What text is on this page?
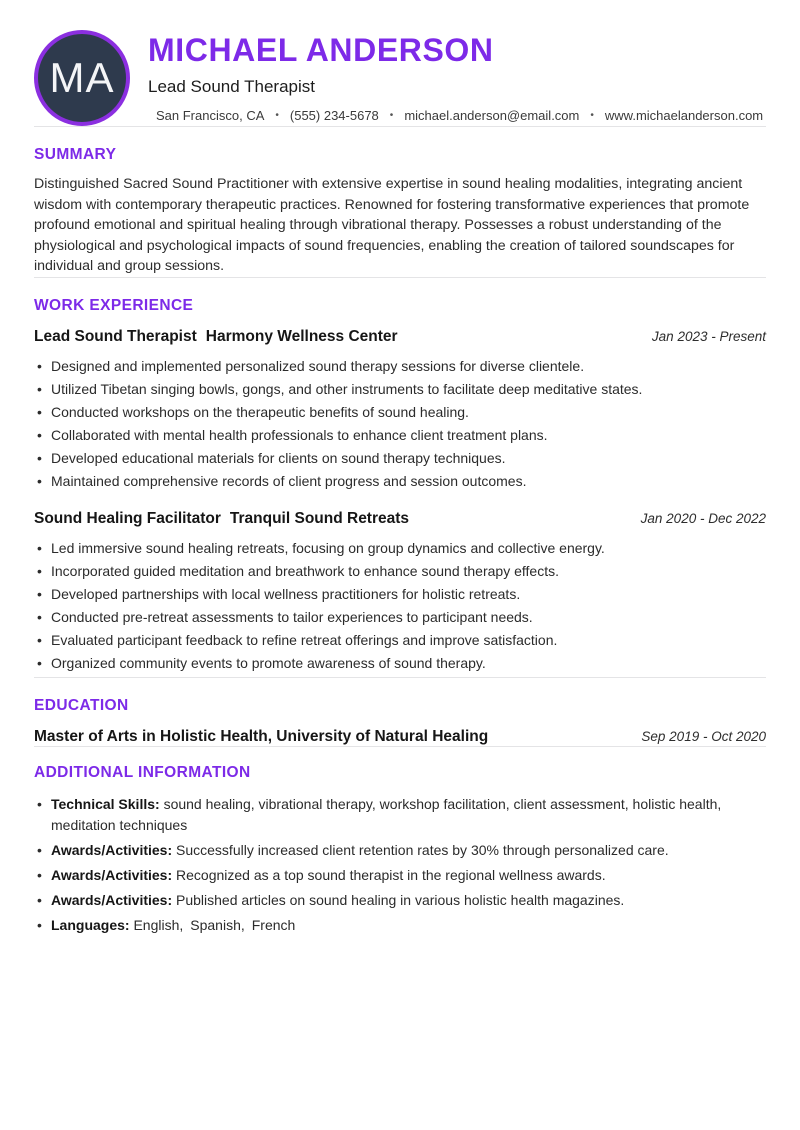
MA
MICHAEL ANDERSON
Lead Sound Therapist
San Francisco, CA • (555) 234-5678 • michael.anderson@email.com • www.michaelanderson.com
SUMMARY

Distinguished Sacred Sound Practitioner with extensive expertise in sound healing modalities, integrating ancient wisdom with contemporary therapeutic practices. Renowned for fostering transformative experiences that promote profound emotional and spiritual healing through vibrational therapy. Possesses a robust understanding of the physiological and psychological impacts of sound frequencies, enabling the creation of tailored soundscapes for individual and group sessions.

WORK EXPERIENCE
Lead Sound Therapist Harmony Wellness Center	Jan 2023 - Present
• Designed and implemented personalized sound therapy sessions for diverse clientele.
• Utilized Tibetan singing bowls, gongs, and other instruments to facilitate deep meditative states.
• Conducted workshops on the therapeutic benefits of sound healing.
• Collaborated with mental health professionals to enhance client treatment plans.
• Developed educational materials for clients on sound therapy techniques.
• Maintained comprehensive records of client progress and session outcomes.
Sound Healing Facilitator Tranquil Sound Retreats	Jan 2020 - Dec 2022
• Led immersive sound healing retreats, focusing on group dynamics and collective energy.
• Incorporated guided meditation and breathwork to enhance sound therapy effects.
• Developed partnerships with local wellness practitioners for holistic retreats.
• Conducted pre-retreat assessments to tailor experiences to participant needs.
• Evaluated participant feedback to refine retreat offerings and improve satisfaction.
• Organized community events to promote awareness of sound therapy.
EDUCATION
Master of Arts in Holistic Health, University of Natural Healing	Sep 2019 - Oct 2020
ADDITIONAL INFORMATION
• Technical Skills: sound healing, vibrational therapy, workshop facilitation, client assessment, holistic health, meditation techniques
• Awards/Activities: Successfully increased client retention rates by 30% through personalized care.
• Awards/Activities: Recognized as a top sound therapist in the regional wellness awards.
• Awards/Activities: Published articles on sound healing in various holistic health magazines.
• Languages: English, Spanish, French
